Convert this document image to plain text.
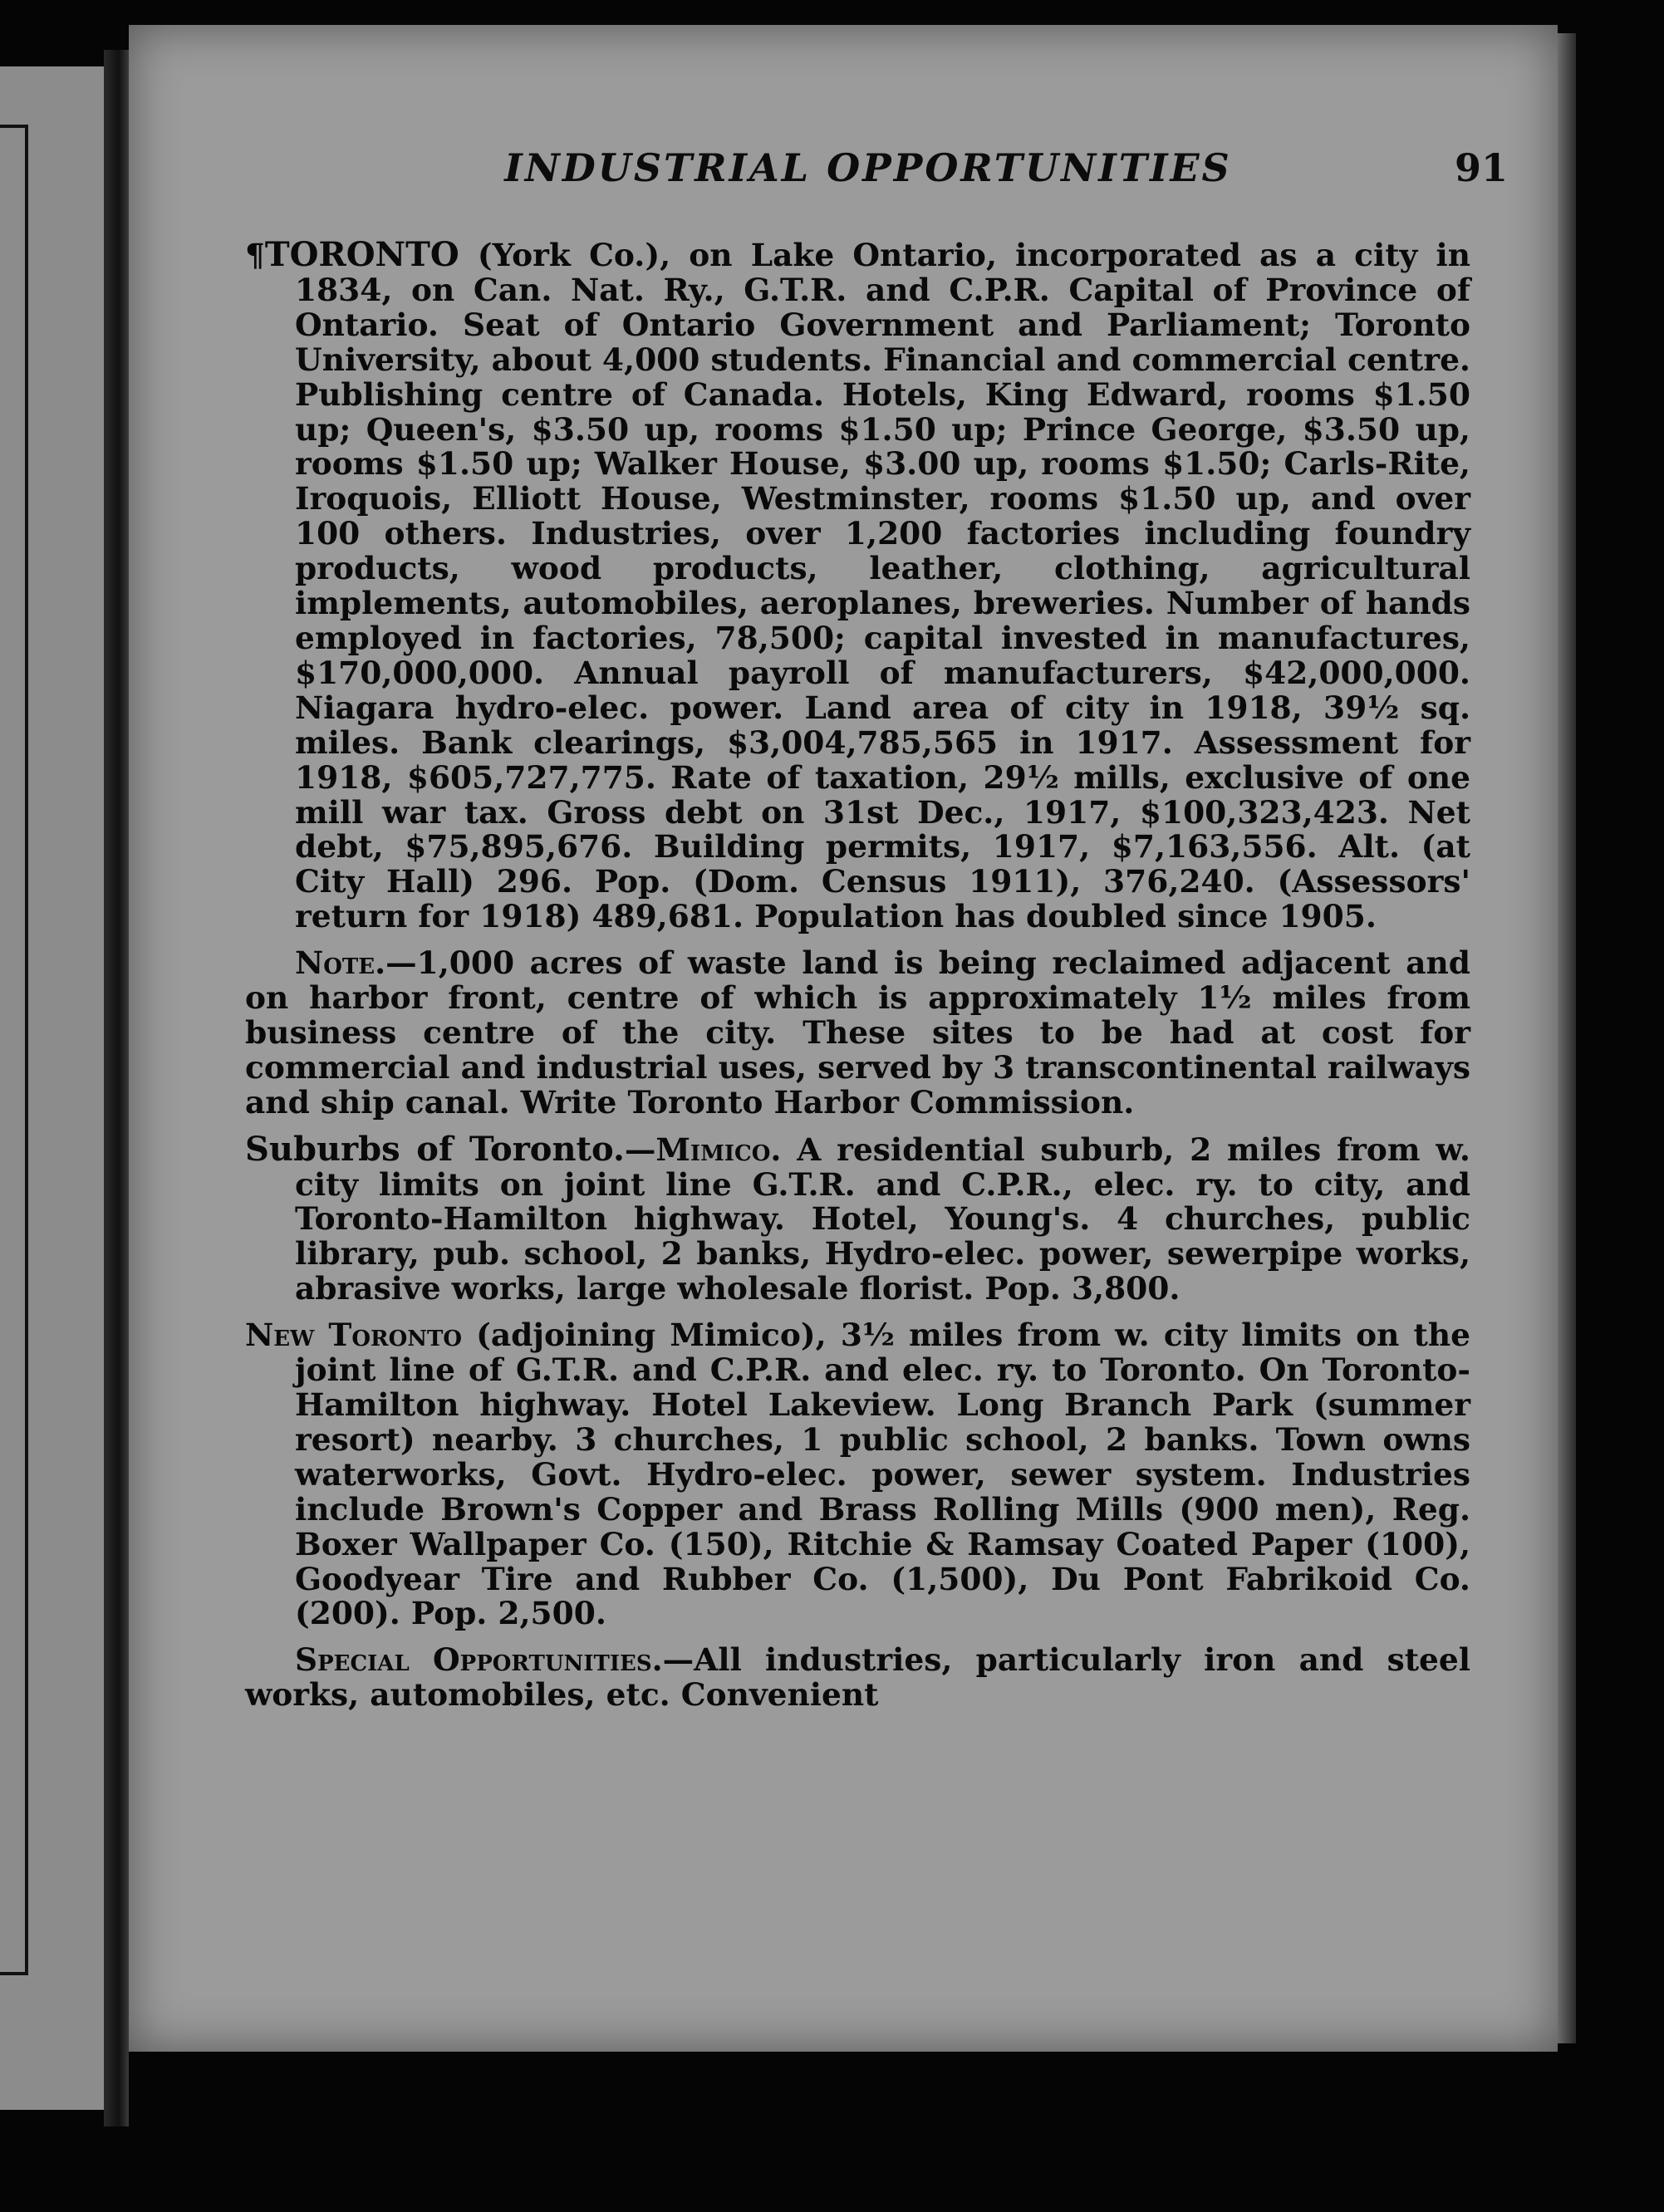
INDUSTRIAL OPPORTUNITIES	91

¶TORONTO (York Co.), on Lake Ontario, incorporated as a city in 1834, on Can. Nat. Ry., G.T.R. and C.P.R. Capital of Province of Ontario. Seat of Ontario Government and Parliament; Toronto University, about 4,000 students. Financial and commercial centre. Publishing centre of Canada. Hotels, King Edward, rooms $1.50 up; Queen's, $3.50 up, rooms $1.50 up; Prince George, $3.50 up, rooms $1.50 up; Walker House, $3.00 up, rooms $1.50; Carls-Rite, Iroquois, Elliott House, Westminster, rooms $1.50 up, and over 100 others. Industries, over 1,200 factories including foundry products, wood products, leather, clothing, agricultural implements, automobiles, aeroplanes, breweries. Number of hands employed in factories, 78,500; capital invested in manufactures, $170,000,000. Annual payroll of manufacturers, $42,000,000. Niagara hydro-elec. power. Land area of city in 1918, 39½ sq. miles. Bank clearings, $3,004,785,565 in 1917. Assessment for 1918, $605,727,775. Rate of taxation, 29½ mills, exclusive of one mill war tax. Gross debt on 31st Dec., 1917, $100,323,423. Net debt, $75,895,676. Building permits, 1917, $7,163,556. Alt. (at City Hall) 296. Pop. (Dom. Census 1911), 376,240. (Assessors' return for 1918) 489,681. Population has doubled since 1905.

Note.—1,000 acres of waste land is being reclaimed adjacent and on harbor front, centre of which is approximately 1½ miles from business centre of the city. These sites to be had at cost for commercial and industrial uses, served by 3 transcontinental railways and ship canal. Write Toronto Harbor Commission.

Suburbs of Toronto.—Mimico. A residential suburb, 2 miles from w. city limits on joint line G.T.R. and C.P.R., elec. ry. to city, and Toronto-Hamilton highway. Hotel, Young's. 4 churches, public library, pub. school, 2 banks, Hydro-elec. power, sewerpipe works, abrasive works, large wholesale florist. Pop. 3,800.

New Toronto (adjoining Mimico), 3½ miles from w. city limits on the joint line of G.T.R. and C.P.R. and elec. ry. to Toronto. On Toronto-Hamilton highway. Hotel Lakeview. Long Branch Park (summer resort) nearby. 3 churches, 1 public school, 2 banks. Town owns waterworks, Govt. Hydro-elec. power, sewer system. Industries include Brown's Copper and Brass Rolling Mills (900 men), Reg. Boxer Wallpaper Co. (150), Ritchie & Ramsay Coated Paper (100), Goodyear Tire and Rubber Co. (1,500), Du Pont Fabrikoid Co. (200). Pop. 2,500.

Special Opportunities.—All industries, particularly iron and steel works, automobiles, etc. Convenient
